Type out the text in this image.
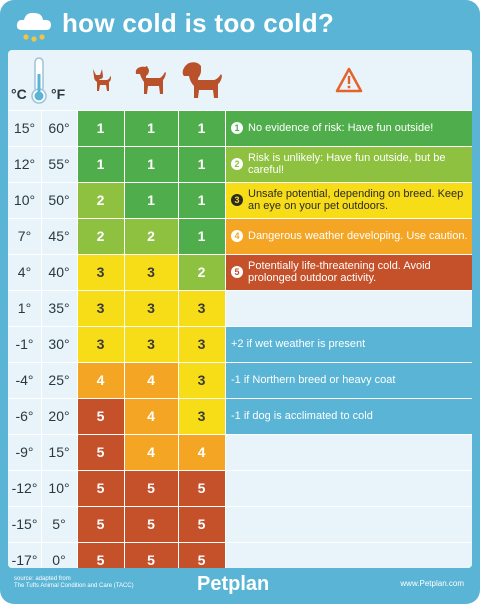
how cold is too cold?
°C °F
15° 60°	1	1	1	1 No evidence of risk: Have fun outside!
12° 55°	1	1	1	2 Risk is unlikely: Have fun outside, but be careful!
10° 50°	2	1	1	3 Unsafe potential, depending on breed. Keep an eye on your pet outdoors.
7°	45°	2	2	1	4 Dangerous weather developing. Use caution.
4°	40°	3	3	2	5 Potentially life-threatening cold. Avoid prolonged outdoor activity.
1°	35°	3	3	3
-1°	30°	3	3	3	+2 if wet weather is present
-4°	25°	4	4	3	-1 if Northern breed or heavy coat
-6°	20°	5	4	3	-1 if dog is acclimated to cold
-9°	15°	5	4	4
-12° 10°	5	5	5
-15°	5°	5	5	5
-17°	0°	5	5	5
source: adapted from
The Tufts Animal Condition and Care (TACC)	Petplan	www.Petplan.com
